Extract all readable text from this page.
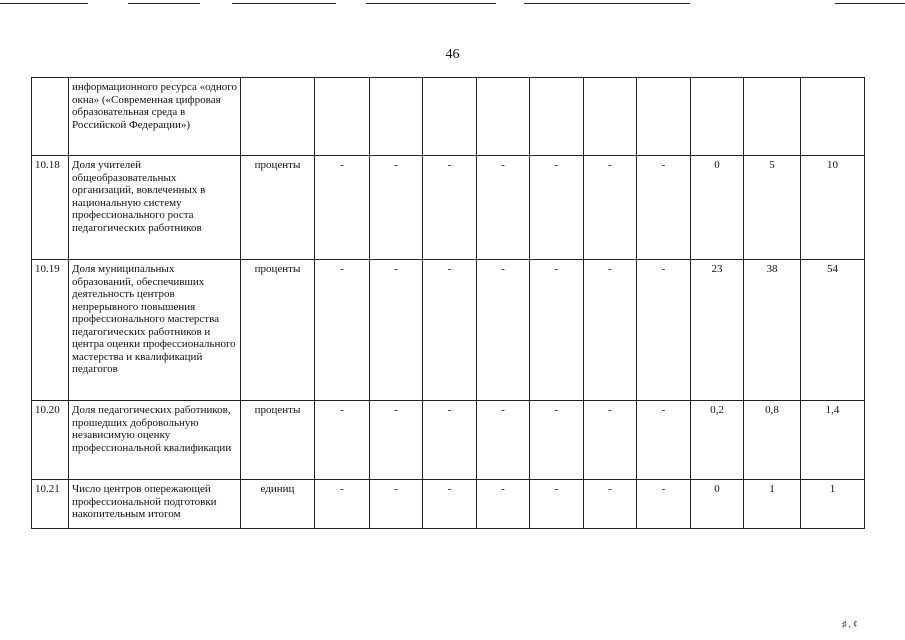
46
	информационного ресурса «одного окна» («Современная цифровая образовательная среда в Российской Федерации»)											
10.18	Доля учителей общеобразовательных организаций, вовлеченных в национальную систему профессионального роста педагогических работников	проценты	-	-	-	-	-	-	-	0	5	10
10.19	Доля муниципальных образований, обеспечивших деятельность центров непрерывного повышения профессионального мастерства педагогических работников и центра оценки профессионального мастерства и квалификаций педагогов	проценты	-	-	-	-	-	-	-	23	38	54
10.20	Доля педагогических работников, прошедших добровольную независимую оценку профессиональной квалификации	проценты	-	-	-	-	-	-	-	0,2	0,8	1,4
10.21	Число центров опережающей профессиональной подготовки накопительным итогом	единиц	-	-	-	-	-	-	-	0	1	1
♯ , ¢
